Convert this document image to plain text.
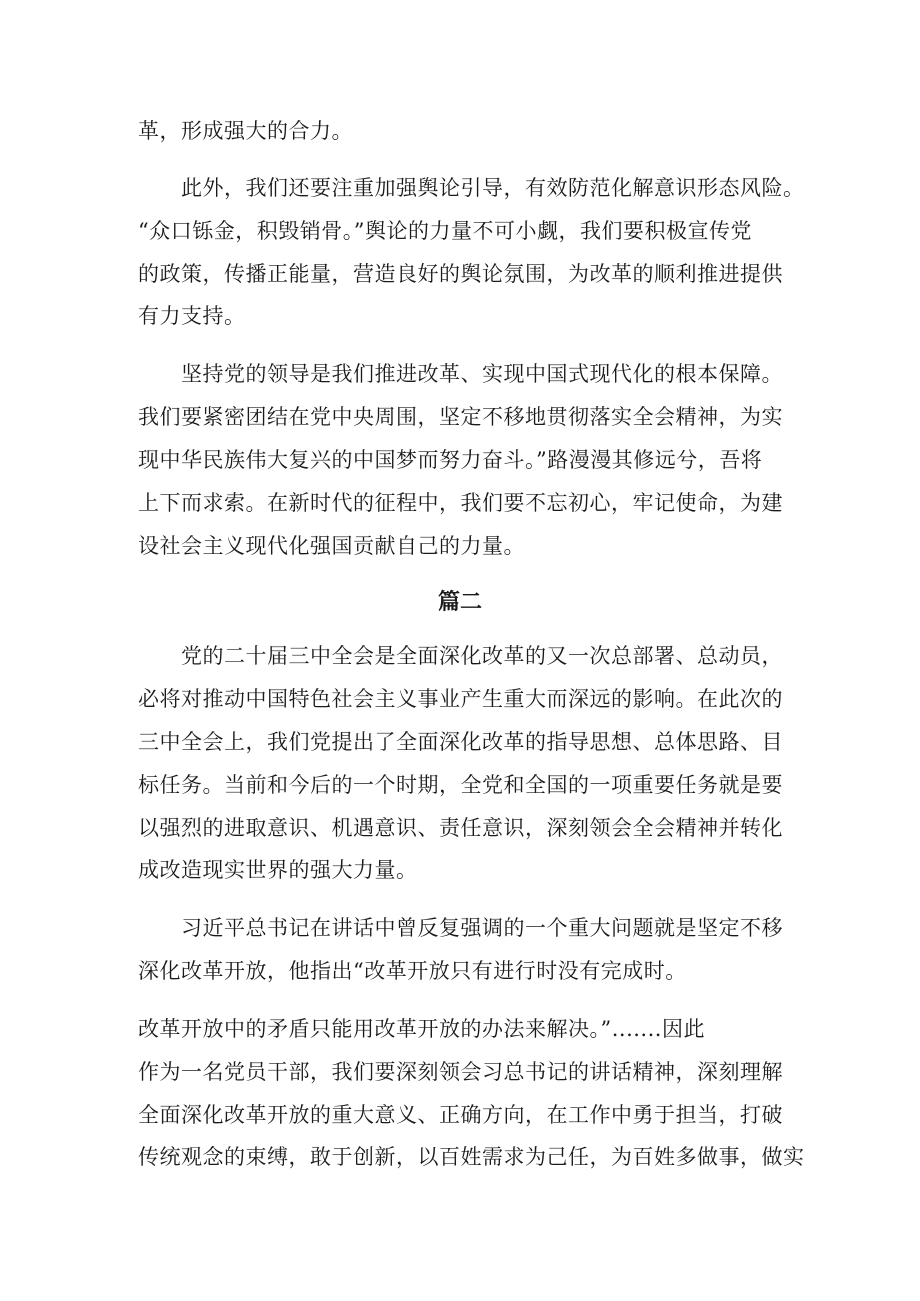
革，形成强大的合力。
此外，我们还要注重加强舆论引导，有效防范化解意识形态风险。
“众口铄金，积毁销骨。”舆论的力量不可小觑，我们要积极宣传党
的政策，传播正能量，营造良好的舆论氛围，为改革的顺利推进提供
有力支持。
坚持党的领导是我们推进改革、实现中国式现代化的根本保障。
我们要紧密团结在党中央周围，坚定不移地贯彻落实全会精神，为实
现中华民族伟大复兴的中国梦而努力奋斗。”路漫漫其修远兮，吾将
上下而求索。在新时代的征程中，我们要不忘初心，牢记使命，为建
设社会主义现代化强国贡献自己的力量。
篇二
党的二十届三中全会是全面深化改革的又一次总部署、总动员，
必将对推动中国特色社会主义事业产生重大而深远的影响。在此次的
三中全会上，我们党提出了全面深化改革的指导思想、总体思路、目
标任务。当前和今后的一个时期，全党和全国的一项重要任务就是要
以强烈的进取意识、机遇意识、责任意识，深刻领会全会精神并转化
成改造现实世界的强大力量。
习近平总书记在讲话中曾反复强调的一个重大问题就是坚定不移
深化改革开放，他指出“改革开放只有进行时没有完成时。
改革开放中的矛盾只能用改革开放的办法来解决。”.......因此
作为一名党员干部，我们要深刻领会习总书记的讲话精神，深刻理解
全面深化改革开放的重大意义、正确方向，在工作中勇于担当，打破
传统观念的束缚，敢于创新，以百姓需求为己任，为百姓多做事，做实
